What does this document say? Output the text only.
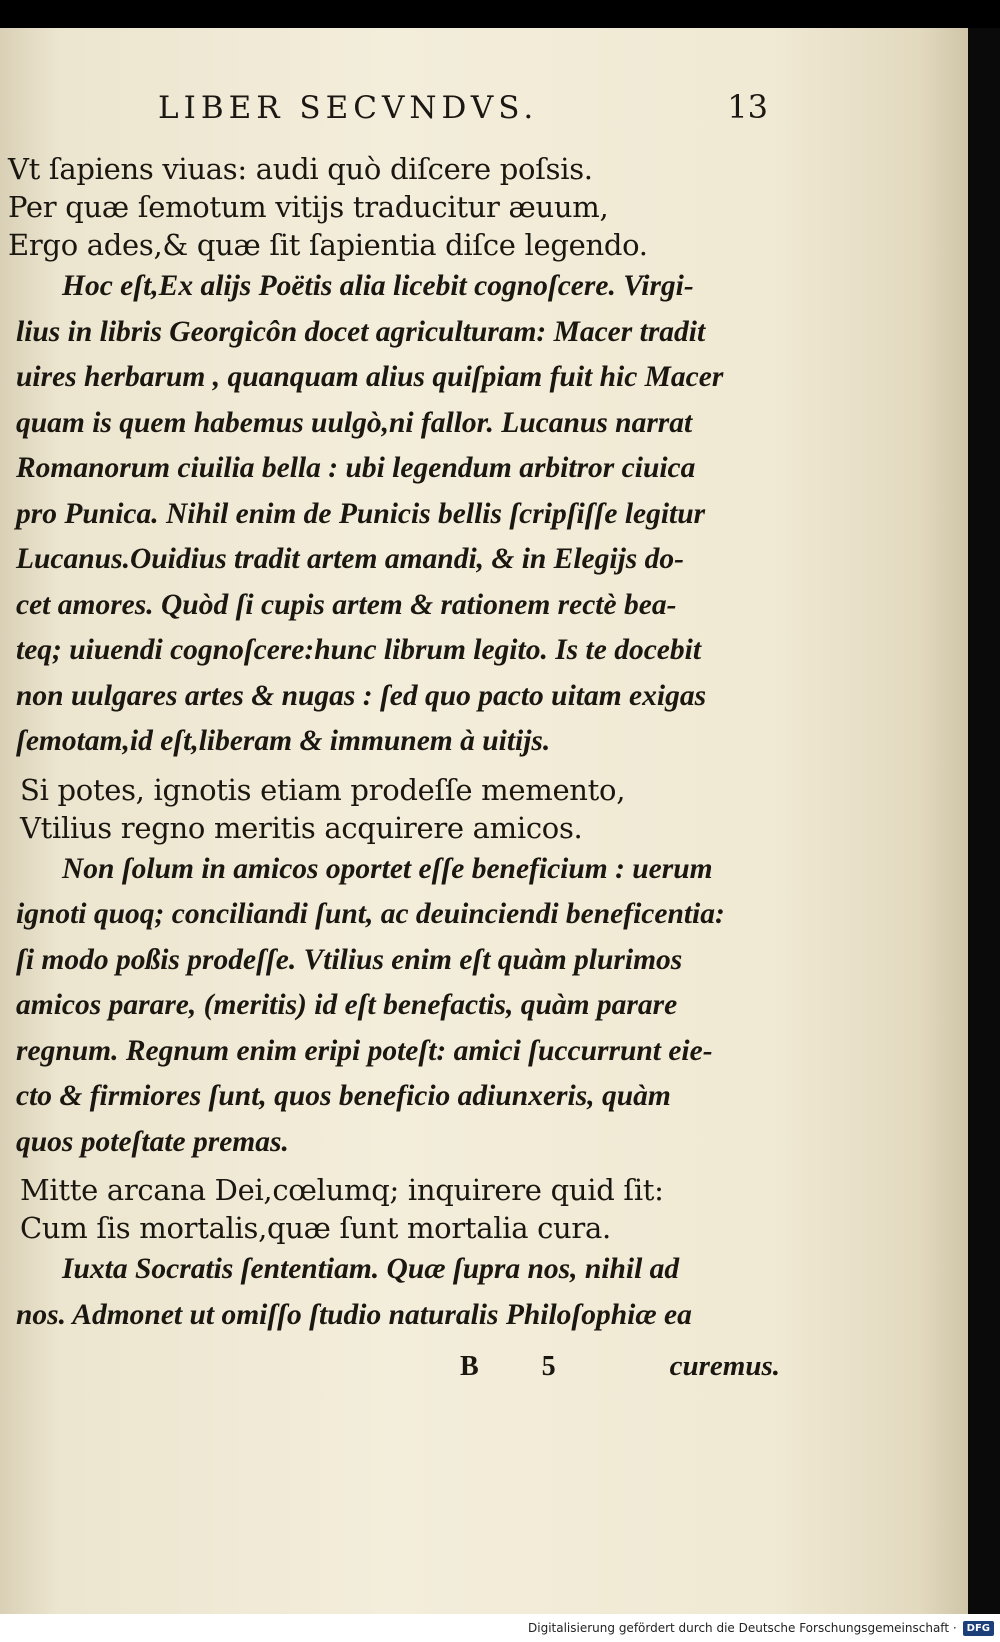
LIBER SECVNDVS.	13
Vt ſapiens viuas: audi quò diſcere poſsis.
Per quæ ſemotum vitijs traducitur æuum,
Ergo ades,& quæ ſit ſapientia diſce legendo.
Hoc eſt,Ex alijs Poëtis alia licebit cognoſcere. Virgi-
lius in libris Georgicôn docet agriculturam: Macer tradit
uires herbarum , quanquam alius quiſpiam fuit hic Macer
quam is quem habemus uulgò,ni fallor. Lucanus narrat
Romanorum ciuilia bella : ubi legendum arbitror ciuica
pro Punica. Nihil enim de Punicis bellis ſcripſiſſe legitur
Lucanus.Ouidius tradit artem amandi, & in Elegijs do-
cet amores. Quòd ſi cupis artem & rationem rectè bea-
teq; uiuendi cognoſcere:hunc librum legito. Is te docebit
non uulgares artes & nugas : ſed quo pacto uitam exigas
ſemotam,id eſt,liberam & immunem à uitijs.
Si potes, ignotis etiam prodeſſe memento,
Vtilius regno meritis acquirere amicos.
Non ſolum in amicos oportet eſſe beneficium : uerum
ignoti quoq; conciliandi ſunt, ac deuinciendi beneficentia:
ſi modo poßis prodeſſe. Vtilius enim eſt quàm plurimos
amicos parare, (meritis) id eſt benefactis, quàm parare
regnum. Regnum enim eripi poteſt: amici ſuccurrunt eie-
cto & firmiores ſunt, quos beneficio adiunxeris, quàm
quos poteſtate premas.
Mitte arcana Dei,cœlumq; inquirere quid ſit:
Cum ſis mortalis,quæ ſunt mortalia cura.
Iuxta Socratis ſententiam. Quæ ſupra nos, nihil ad
nos. Admonet ut omiſſo ſtudio naturalis Philoſophiæ ea
B 5	curemus.
Digitalisierung gefördert durch die Deutsche Forschungsgemeinschaft ·	DFG
